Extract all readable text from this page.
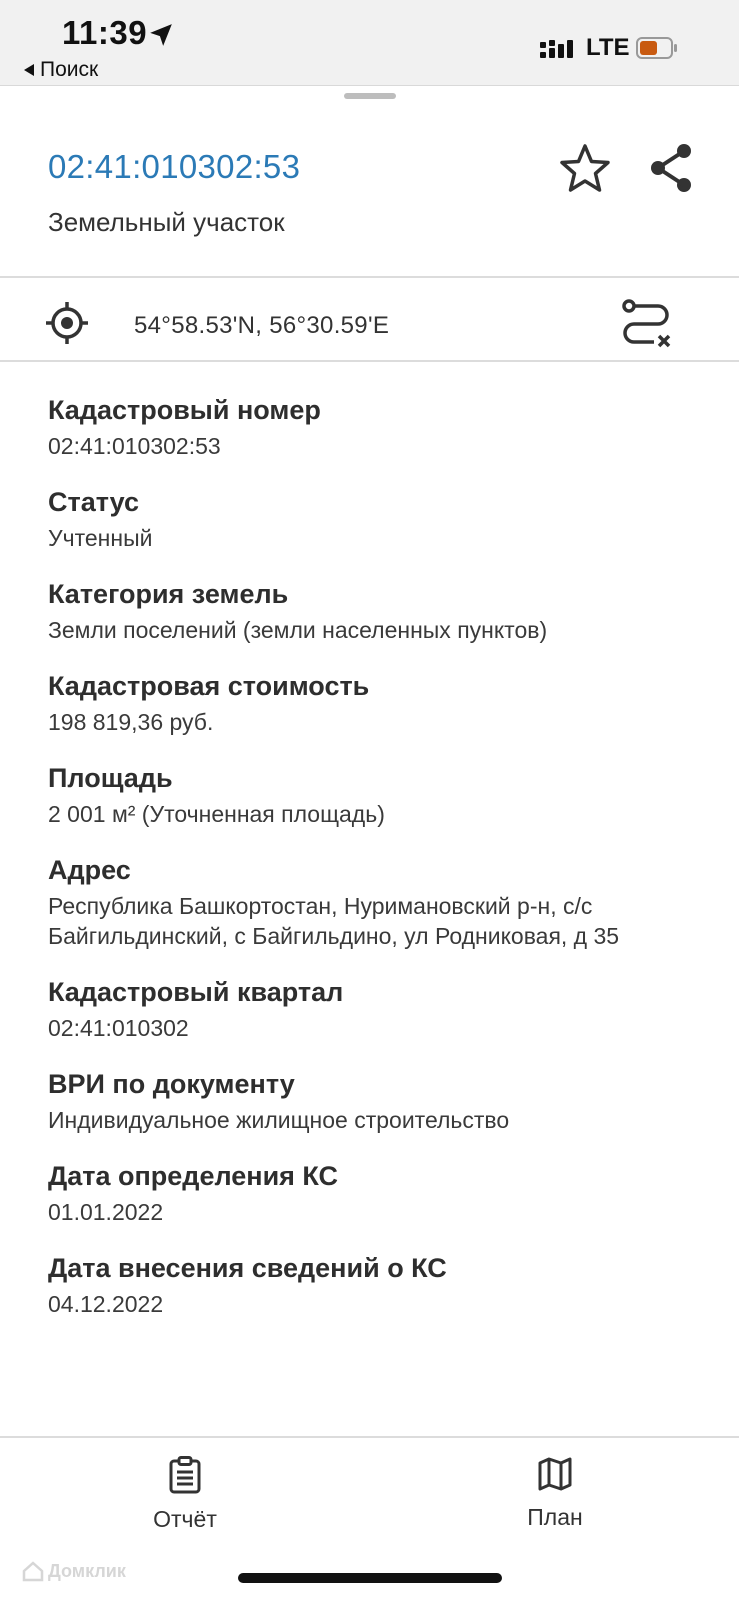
11:39
Поиск
LTE
02:41:010302:53
Земельный участок
54°58.53'N, 56°30.59'E
Кадастровый номер
02:41:010302:53
Статус
Учтенный
Категория земель
Земли поселений (земли населенных пунктов)
Кадастровая стоимость
198 819,36 руб.
Площадь
2 001 м² (Уточненная площадь)
Адрес
Республика Башкортостан, Нуримановский р-н, с/с Байгильдинский, с Байгильдино, ул Родниковая, д 35
Кадастровый квартал
02:41:010302
ВРИ по документу
Индивидуальное жилищное строительство
Дата определения КС
01.01.2022
Дата внесения сведений о КС
04.12.2022
Отчёт	План
Домклик
